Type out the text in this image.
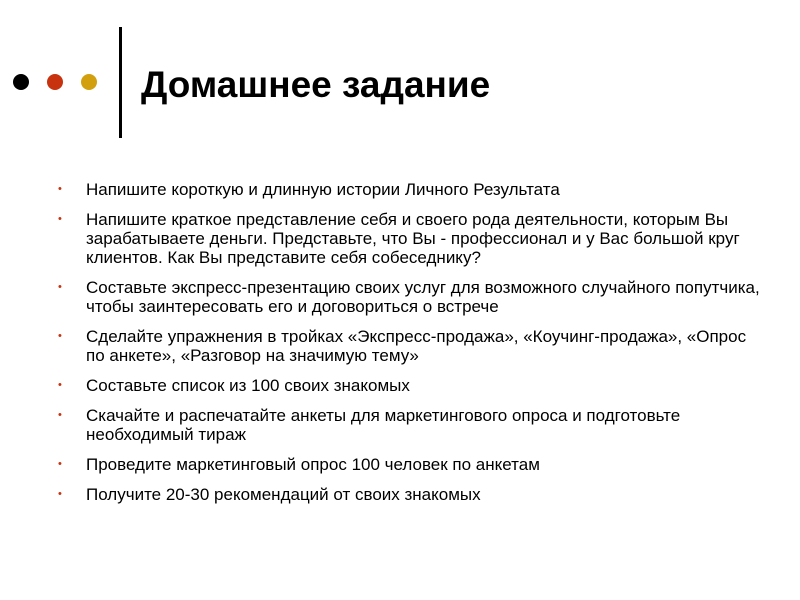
Домашнее задание
• Напишите короткую и длинную истории Личного Результата
• Напишите краткое представление себя и своего рода деятельности, которым Вы зарабатываете деньги. Представьте, что Вы - профессионал и у Вас большой круг клиентов. Как Вы представите себя собеседнику?
• Составьте экспресс-презентацию своих услуг для возможного случайного попутчика, чтобы заинтересовать его и договориться о встрече
• Сделайте упражнения в тройках «Экспресс-продажа», «Коучинг-продажа», «Опрос по анкете», «Разговор на значимую тему»
• Составьте список из 100 своих знакомых
• Скачайте и распечатайте анкеты для маркетингового опроса и подготовьте необходимый тираж
• Проведите маркетинговый опрос 100 человек по анкетам
• Получите 20-30 рекомендаций от своих знакомых
